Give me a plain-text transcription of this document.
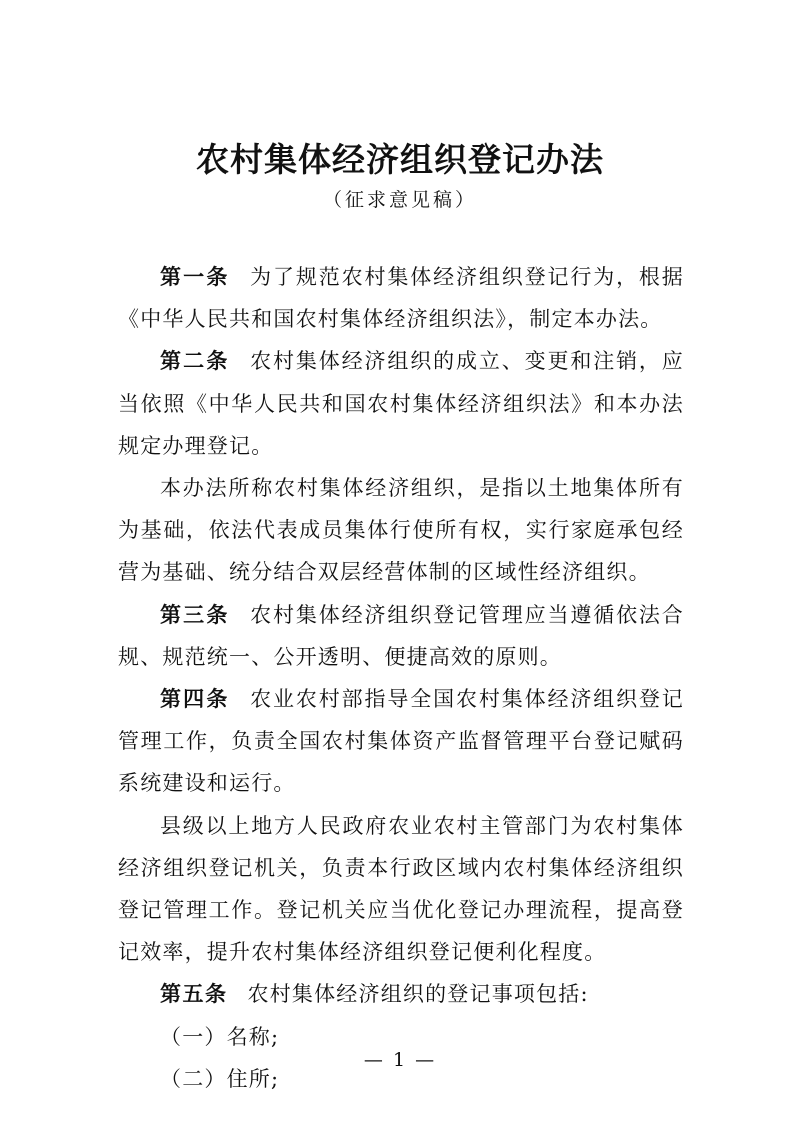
农村集体经济组织登记办法
（征求意见稿）

第一条 为了规范农村集体经济组织登记行为，根据《中华人民共和国农村集体经济组织法》，制定本办法。

第二条 农村集体经济组织的成立、变更和注销，应当依照《中华人民共和国农村集体经济组织法》和本办法规定办理登记。

本办法所称农村集体经济组织，是指以土地集体所有为基础，依法代表成员集体行使所有权，实行家庭承包经营为基础、统分结合双层经营体制的区域性经济组织。

第三条 农村集体经济组织登记管理应当遵循依法合规、规范统一、公开透明、便捷高效的原则。

第四条 农业农村部指导全国农村集体经济组织登记管理工作，负责全国农村集体资产监督管理平台登记赋码系统建设和运行。

县级以上地方人民政府农业农村主管部门为农村集体经济组织登记机关，负责本行政区域内农村集体经济组织登记管理工作。登记机关应当优化登记办理流程，提高登记效率，提升农村集体经济组织登记便利化程度。

第五条 农村集体经济组织的登记事项包括:

（一）名称;

（二）住所;

— 1 —
